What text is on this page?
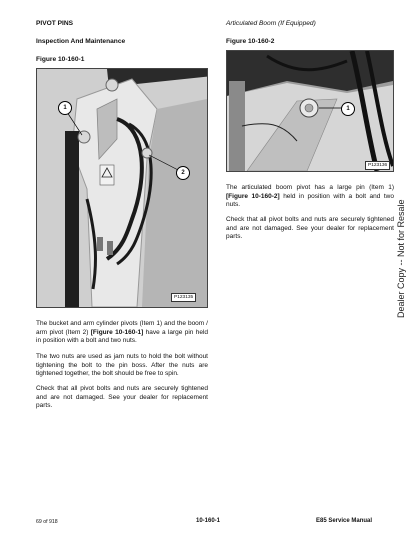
PIVOT PINS
Inspection And Maintenance
Figure 10-160-1
1
2
P123135
The bucket and arm cylinder pivots (Item 1) and the boom / arm pivot (Item 2) [Figure 10-160-1] have a large pin held in position with a bolt and two nuts.
The two nuts are used as jam nuts to hold the bolt without tightening the bolt to the pin boss. After the nuts are tightened together, the bolt should be free to spin.
Check that all pivot bolts and nuts are securely tightened and are not damaged. See your dealer for replacement parts.
Articulated Boom (If Equipped)
Figure 10-160-2
1
P123136
The articulated boom pivot has a large pin (Item 1) [Figure 10-160-2] held in position with a bolt and two nuts.
Check that all pivot bolts and nuts are securely tightened and are not damaged. See your dealer for replacement parts.	Dealer Copy -- Not for Resale
69 of 918	10-160-1	E85 Service Manual
